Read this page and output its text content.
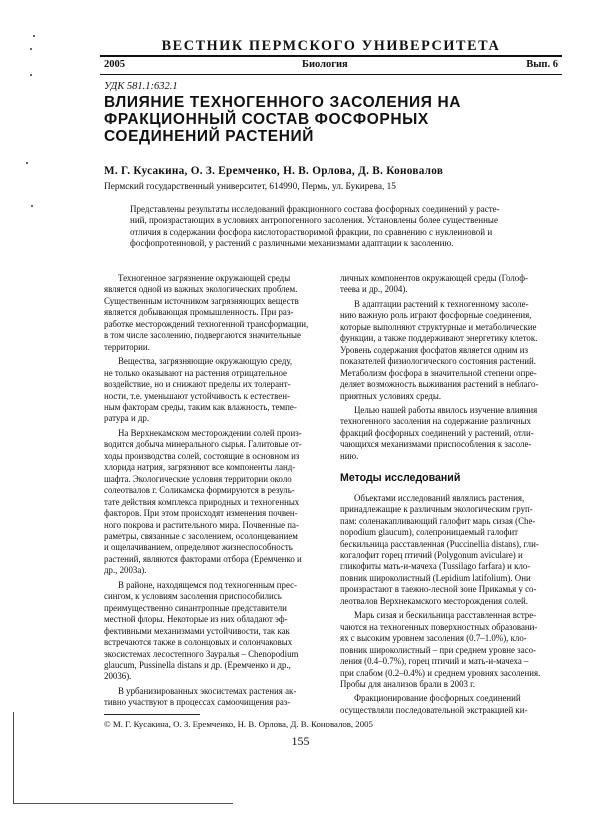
ВЕСТНИК ПЕРМСКОГО УНИВЕРСИТЕТА
2005	Биология	Вып. 6
УДК 581.1:632.1
ВЛИЯНИЕ ТЕХНОГЕННОГО ЗАСОЛЕНИЯ НА
ФРАКЦИОННЫЙ СОСТАВ ФОСФОРНЫХ
СОЕДИНЕНИЙ РАСТЕНИЙ
М. Г. Кусакина, О. З. Еремченко, Н. В. Орлова, Д. В. Коновалов
Пермский государственный университет, 614990, Пермь, ул. Букирева, 15
Представлены результаты исследований фракционного состава фосфорных соединений у расте-
ний, произрастающих в условиях антропогенного засоления. Установлены более существенные
отличия в содержании фосфора кислоторастворимой фракции, по сравнению с нуклеиновой и
фосфопротеиновой, у растений с различными механизмами адаптации к засолению.

Техногенное загрязнение окружающей среды
является одной из важных экологических проблем.
Существенным источником загрязняющих веществ
является добывающая промышленность. При раз-
работке месторождений техногенной трансформации,
в том числе засолению, подвергаются значительные
территории.

Вещества, загрязняющие окружающую среду,
не только оказывают на растения отрицательное
воздействие, но и снижают пределы их толерант-
ности, т.е. уменьшают устойчивость к естествен-
ным факторам среды, таким как влажность, темпе-
ратура и др.

На Верхнекамском месторождении солей произ-
водится добыча минерального сырья. Галитовые от-
ходы производства солей, состоящие в основном из
хлорида натрия, загрязняют все компоненты ланд-
шафта. Экологические условия территории около
солеотвалов г. Соликамска формируются в резуль-
тате действия комплекса природных и техногенных
факторов. При этом происходят изменения почвен-
ного покрова и растительного мира. Почвенные па-
раметры, связанные с засолением, осолонцеванием
и ощелачиванием, определяют жизнеспособность
растений, являются факторами отбора (Еремченко и
др., 2003а).

В районе, находящемся под техногенным прес-
сингом, к условиям засоления приспособились
преимущественно синантропные представители
местной флоры. Некоторые из них обладают эф-
фективными механизмами устойчивости, так как
встречаются также в солонцовых и солончаковых
экосистемах лесостепного Зауралья – Chenopodium
glaucum, Pussinella distans и др. (Еремченко и др.,
20036).

В урбанизированных экосистемах растения ак-
тивно участвуют в процессах самоочищения раз-

личных компонентов окружающей среды (Голоф-
теева и др., 2004).

В адаптации растений к техногенному засоле-
нию важную роль играют фосфорные соединения,
которые выполняют структурные и метаболические
функции, а также поддерживают энергетику клеток.
Уровень содержания фосфатов является одним из
показателей физиологического состояния растений.
Метаболизм фосфора в значительной степени опре-
деляет возможность выживания растений в неблаго-
приятных условиях среды.

Целью нашей работы явилось изучение влияния
техногенного засоления на содержание различных
фракций фосфорных соединений у растений, отли-
чающихся механизмами приспособления к засоле-
нию.

Методы исследований

Объектами исследований являлись растения,
принадлежащие к различным экологическим груп-
пам: соленакапливающий галофит марь сизая (Che-
nopodium glaucum), солепроницаемый галофит
бескильница расставленная (Puccinellia distans), гли-
когалофит горец птичий (Polygonum aviculare) и
гликофиты мать-и-мачеха (Tussilago farfara) и кло-
повник широколистный (Lepidium latifolium). Они
произрастают в таежно-лесной зоне Прикамья у со-
леотвалов Верхнекамского месторождения солей.

Марь сизая и бескильница расставленная встре-
чаются на техногенных поверхностных образовани-
ях с высоким уровнем засоления (0.7–1.0%), кло-
повник широколистный – при среднем уровне засо-
ления (0.4–0.7%), горец птичий и мать-и-мачеха –
при слабом (0.2–0.4%) и среднем уровнях засоления.
Пробы для анализов брали в 2003 г.

Фракционирование фосфорных соединений
осуществляли последовательной экстракцией ки-

© М. Г. Кусакина, О. З. Еремченко, Н. В. Орлова, Д. В. Коновалов, 2005
155
